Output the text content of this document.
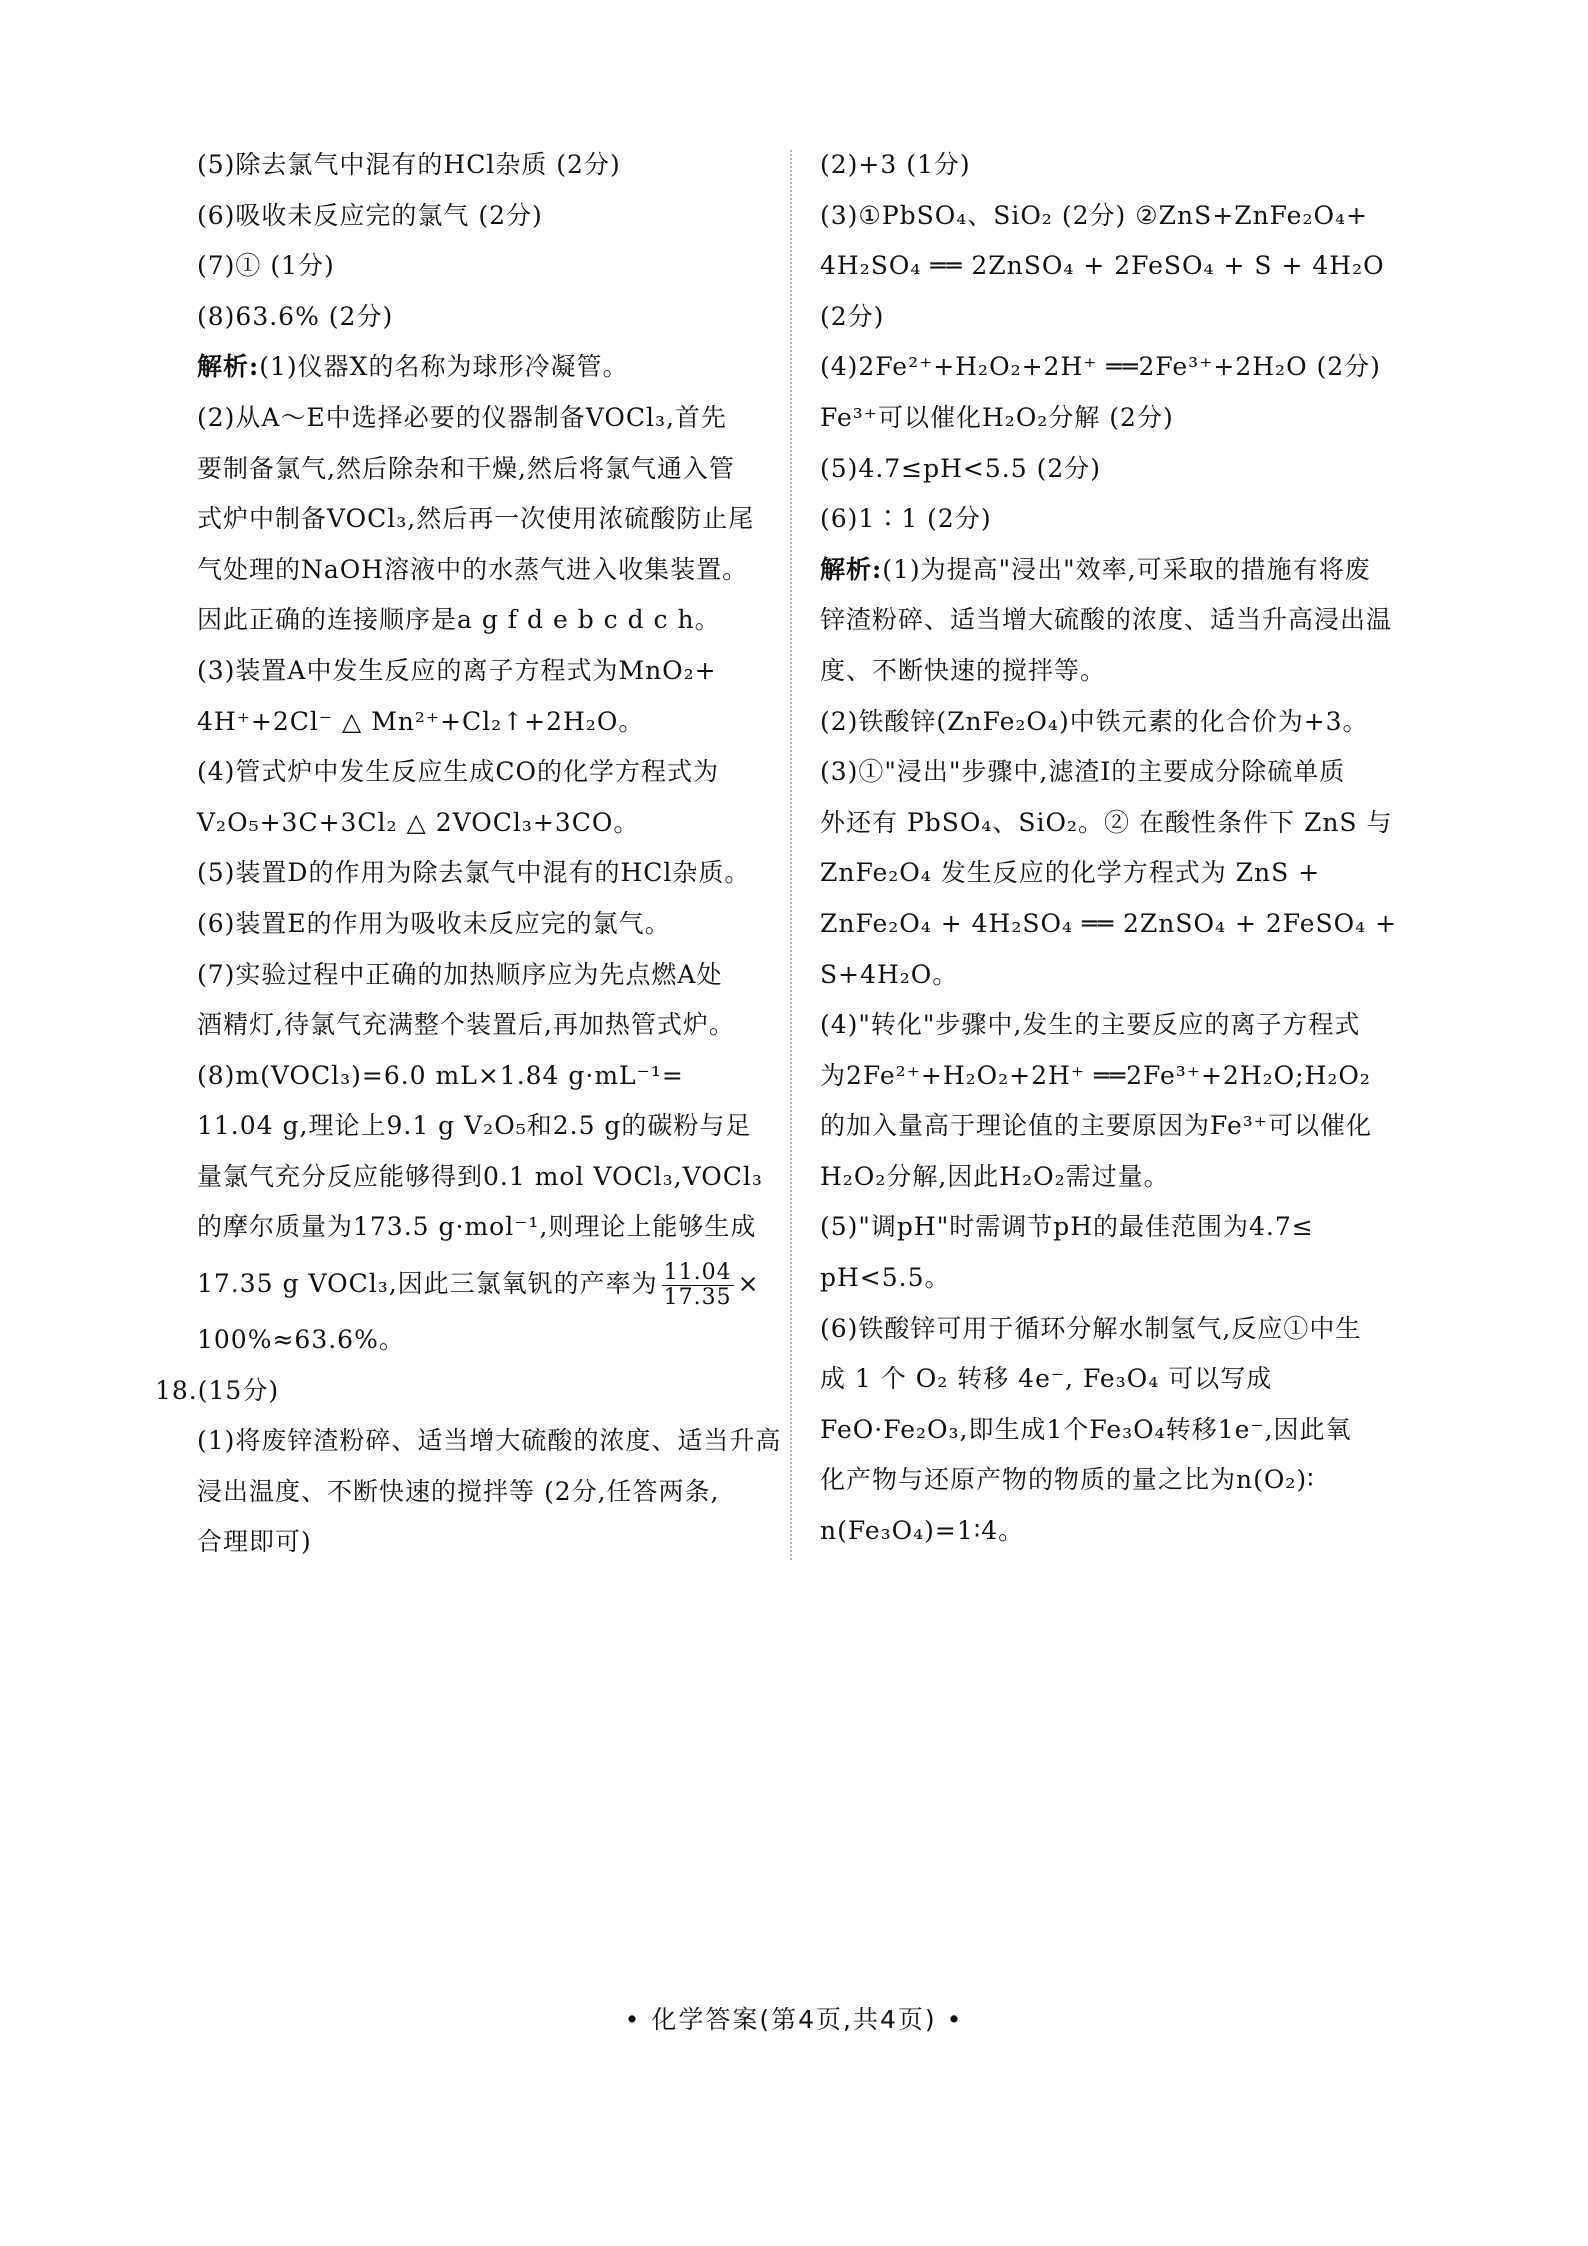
(5)除去氯气中混有的HCl杂质 (2分)
(6)吸收未反应完的氯气 (2分)
(7)① (1分)
(8)63.6% (2分)
解析:(1)仪器X的名称为球形冷凝管。
(2)从A～E中选择必要的仪器制备VOCl₃,首先
要制备氯气,然后除杂和干燥,然后将氯气通入管
式炉中制备VOCl₃,然后再一次使用浓硫酸防止尾
气处理的NaOH溶液中的水蒸气进入收集装置。
因此正确的连接顺序是a g f d e b c d c h。
(3)装置A中发生反应的离子方程式为MnO₂+
4H⁺+2Cl⁻ △ Mn²⁺+Cl₂↑+2H₂O。
(4)管式炉中发生反应生成CO的化学方程式为
V₂O₅+3C+3Cl₂ △ 2VOCl₃+3CO。
(5)装置D的作用为除去氯气中混有的HCl杂质。
(6)装置E的作用为吸收未反应完的氯气。
(7)实验过程中正确的加热顺序应为先点燃A处
酒精灯,待氯气充满整个装置后,再加热管式炉。
(8)m(VOCl₃)=6.0 mL×1.84 g·mL⁻¹=
11.04 g,理论上9.1 g V₂O₅和2.5 g的碳粉与足
量氯气充分反应能够得到0.1 mol VOCl₃,VOCl₃
的摩尔质量为173.5 g·mol⁻¹,则理论上能够生成
17.35 g VOCl₃,因此三氯氧钒的产率为 $\frac{11.04}{17.35}$ ×
100%≈63.6%。
18.(15分)
(1)将废锌渣粉碎、适当增大硫酸的浓度、适当升高
浸出温度、不断快速的搅拌等 (2分,任答两条,
合理即可)
(2)+3 (1分)
(3)①PbSO₄、SiO₂ (2分) ②ZnS+ZnFe₂O₄+
4H₂SO₄ ══ 2ZnSO₄ + 2FeSO₄ + S + 4H₂O
(2分)
(4)2Fe²⁺+H₂O₂+2H⁺ ══2Fe³⁺+2H₂O (2分)
Fe³⁺可以催化H₂O₂分解 (2分)
(5)4.7≤pH<5.5 (2分)
(6)1∶1 (2分)
解析:(1)为提高"浸出"效率,可采取的措施有将废
锌渣粉碎、适当增大硫酸的浓度、适当升高浸出温
度、不断快速的搅拌等。
(2)铁酸锌(ZnFe₂O₄)中铁元素的化合价为+3。
(3)①"浸出"步骤中,滤渣Ⅰ的主要成分除硫单质
外还有 PbSO₄、SiO₂。② 在酸性条件下 ZnS 与
ZnFe₂O₄ 发生反应的化学方程式为 ZnS +
ZnFe₂O₄ + 4H₂SO₄ ══ 2ZnSO₄ + 2FeSO₄ +
S+4H₂O。
(4)"转化"步骤中,发生的主要反应的离子方程式
为2Fe²⁺+H₂O₂+2H⁺ ══2Fe³⁺+2H₂O;H₂O₂
的加入量高于理论值的主要原因为Fe³⁺可以催化
H₂O₂分解,因此H₂O₂需过量。
(5)"调pH"时需调节pH的最佳范围为4.7≤
pH<5.5。
(6)铁酸锌可用于循环分解水制氢气,反应①中生
成 1 个 O₂ 转移 4e⁻, Fe₃O₄ 可以写成
FeO·Fe₂O₃,即生成1个Fe₃O₄转移1e⁻,因此氧
化产物与还原产物的物质的量之比为n(O₂)∶
n(Fe₃O₄)=1∶4。
• 化学答案(第4页,共4页) •
